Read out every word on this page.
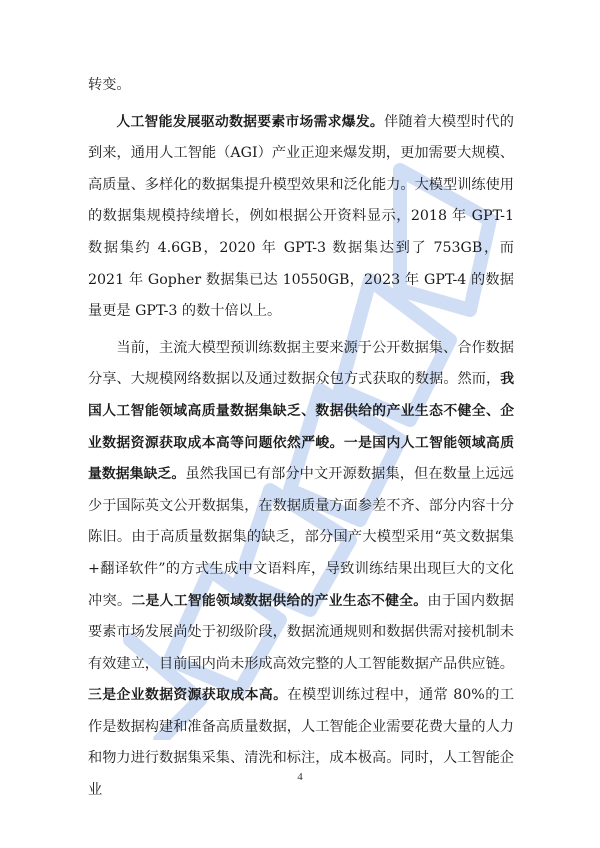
转变。

人工智能发展驱动数据要素市场需求爆发。伴随着大模型时代的到来，通用人工智能（AGI）产业正迎来爆发期，更加需要大规模、高质量、多样化的数据集提升模型效果和泛化能力。大模型训练使用的数据集规模持续增长，例如根据公开资料显示，2018 年 GPT-1 数据集约 4.6GB，2020 年 GPT-3 数据集达到了 753GB，而 2021 年 Gopher 数据集已达 10550GB，2023 年 GPT-4 的数据量更是 GPT-3 的数十倍以上。

当前，主流大模型预训练数据主要来源于公开数据集、合作数据分享、大规模网络数据以及通过数据众包方式获取的数据。然而，我国人工智能领域高质量数据集缺乏、数据供给的产业生态不健全、企业数据资源获取成本高等问题依然严峻。一是国内人工智能领域高质量数据集缺乏。虽然我国已有部分中文开源数据集，但在数量上远远少于国际英文公开数据集，在数据质量方面参差不齐、部分内容十分陈旧。由于高质量数据集的缺乏，部分国产大模型采用“英文数据集+翻译软件”的方式生成中文语料库，导致训练结果出现巨大的文化冲突。二是人工智能领域数据供给的产业生态不健全。由于国内数据要素市场发展尚处于初级阶段，数据流通规则和数据供需对接机制未有效建立，目前国内尚未形成高效完整的人工智能数据产品供应链。三是企业数据资源获取成本高。在模型训练过程中，通常 80%的工作是数据构建和准备高质量数据，人工智能企业需要花费大量的人力和物力进行数据集采集、清洗和标注，成本极高。同时，人工智能企业

4
